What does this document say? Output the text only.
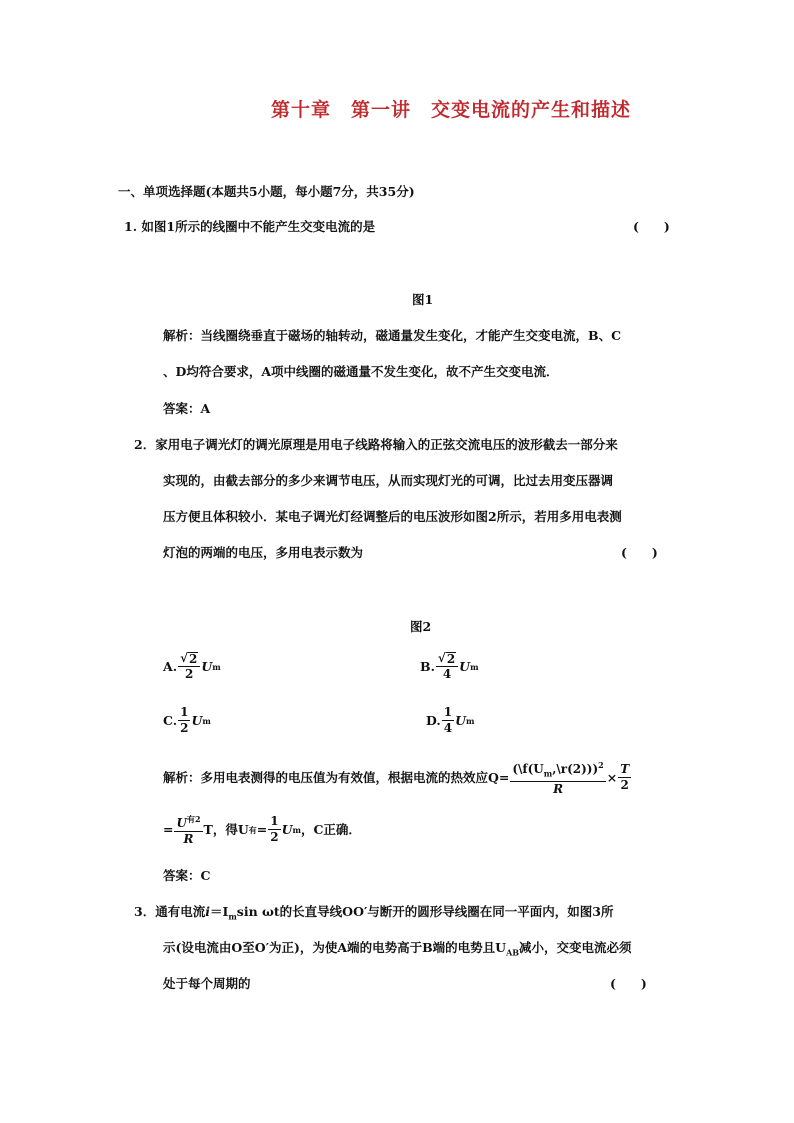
第十章　第一讲　交变电流的产生和描述
一、单项选择题(本题共5小题，每小题7分，共35分)
1. 如图1所示的线圈中不能产生交变电流的是	(　　)
图1
解析：当线圈绕垂直于磁场的轴转动，磁通量发生变化，才能产生交变电流，B、C
、D均符合要求，A项中线圈的磁通量不发生变化，故不产生交变电流．
答案：A
2．家用电子调光灯的调光原理是用电子线路将输入的正弦交流电压的波形截去一部分来
实现的，由截去部分的多少来调节电压，从而实现灯光的可调，比过去用变压器调
压方便且体积较小．某电子调光灯经调整后的电压波形如图2所示，若用多用电表测
灯泡的两端的电压，多用电表示数为	(　　)
图2
A. $\frac{√ 2}{2}$ U m	B. $\frac{√ 2}{4}$ U m
C. $\frac{1}{2}$ U m	D. $\frac{1}{4}$ U m
解析：多用电表测得的电压值为有效值，根据电流的热效应$Q= \frac{(\backslash f(U_m,\backslash r(2)))^2}{R} \times \frac{T}{2}$
= $\frac{U^{有2}}{R}$ T，得U 有 = $\frac{1}{2}$ U m ，C正确．
答案：C
3．通有电流$i=I_m\sin$ ωt的长直导线OO′与断开的圆形导线圈在同一平面内，如图3所
示(设电流由O至O′为正)，为使A端的电势高于B端的电势且$U_{AB}$减小，交变电流必须
处于每个周期的	(　　)
